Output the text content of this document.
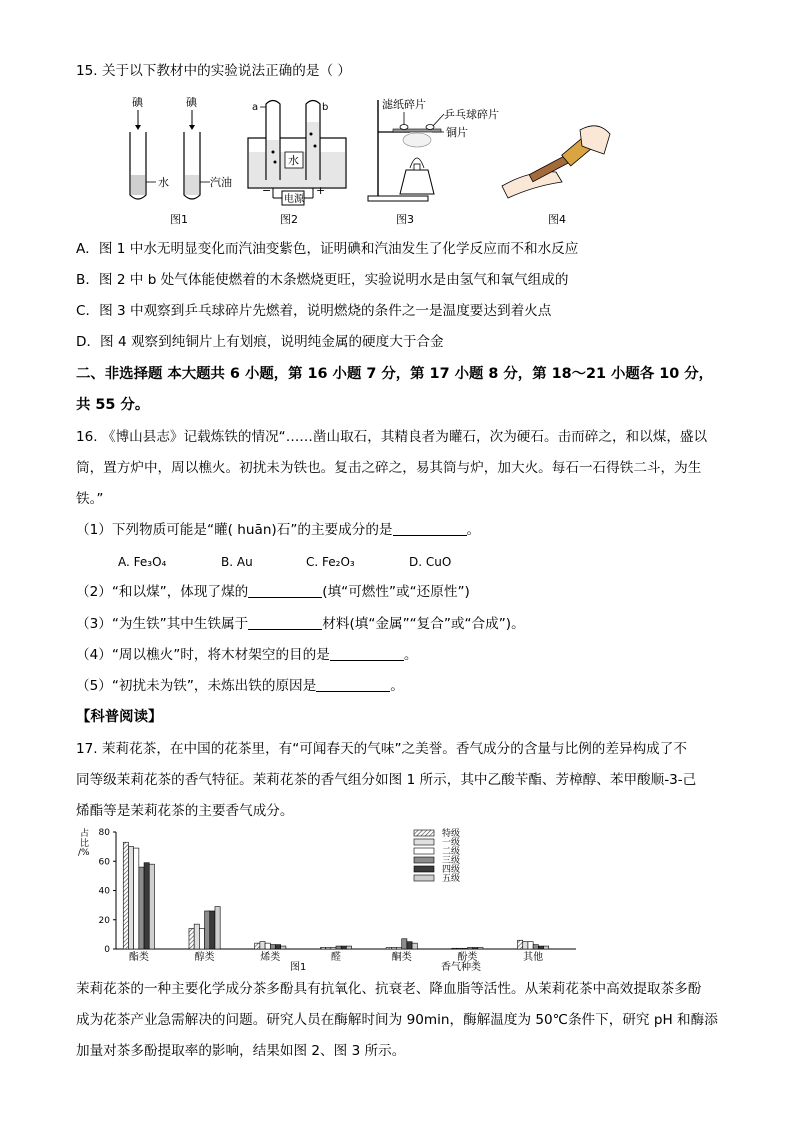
15. 关于以下教材中的实验说法正确的是（ ）
碘
水
碘
汽油
图1
a	b
水
电源
−	+
图2
滤纸碎片
乒乓球碎片
铜片
图3	图4
A．图 1 中水无明显变化而汽油变紫色，证明碘和汽油发生了化学反应而不和水反应
B．图 2 中 b 处气体能使燃着的木条燃烧更旺，实验说明水是由氢气和氧气组成的
C．图 3 中观察到乒乓球碎片先燃着，说明燃烧的条件之一是温度要达到着火点
D．图 4 观察到纯铜片上有划痕，说明纯金属的硬度大于合金
二、非选择题 本大题共 6 小题，第 16 小题 7 分，第 17 小题 8 分，第 18～21 小题各 10 分，
共 55 分。
16. 《博山县志》记载炼铁的情况“……凿山取石，其精良者为矔石，次为硬石。击而碎之，和以煤，盛以
筒，置方炉中，周以樵火。初扰未为铁也。复击之碎之，易其筒与炉，加大火。每石一石得铁二斗，为生
铁。”
（1）下列物质可能是“矔( huān)石”的主要成分的是	。
A. Fe₃O₄	B. Au	C. Fe₂O₃	D. CuO
（2）“和以煤”，体现了煤的	(填“可燃性”或“还原性”)
（3）“为生铁”其中生铁属于	材料(填“金属”“复合”或“合成”)。
（4）“周以樵火”时，将木材架空的目的是	。
（5）“初扰未为铁”，未炼出铁的原因是	。
【科普阅读】
17. 茉莉花茶，在中国的花茶里，有“可闻春天的气味”之美誉。香气成分的含量与比例的差异构成了不
同等级茉莉花茶的香气特征。茉莉花茶的香气组分如图 1 所示，其中乙酸苄酯、芳樟醇、苯甲酸顺-3-己
烯酯等是茉莉花茶的主要香气成分。
占
比
/%
0
20
40
60
80
酯类	醇类	烯类	醛	酮类	酚类	其他
特级
一级
二级
三级
四级
五级
图1	香气种类
茉莉花茶的一种主要化学成分茶多酚具有抗氧化、抗衰老、降血脂等活性。从茉莉花茶中高效提取茶多酚
成为花茶产业急需解决的问题。研究人员在酶解时间为 90min，酶解温度为 50℃条件下，研究 pH 和酶添
加量对茶多酚提取率的影响，结果如图 2、图 3 所示。
